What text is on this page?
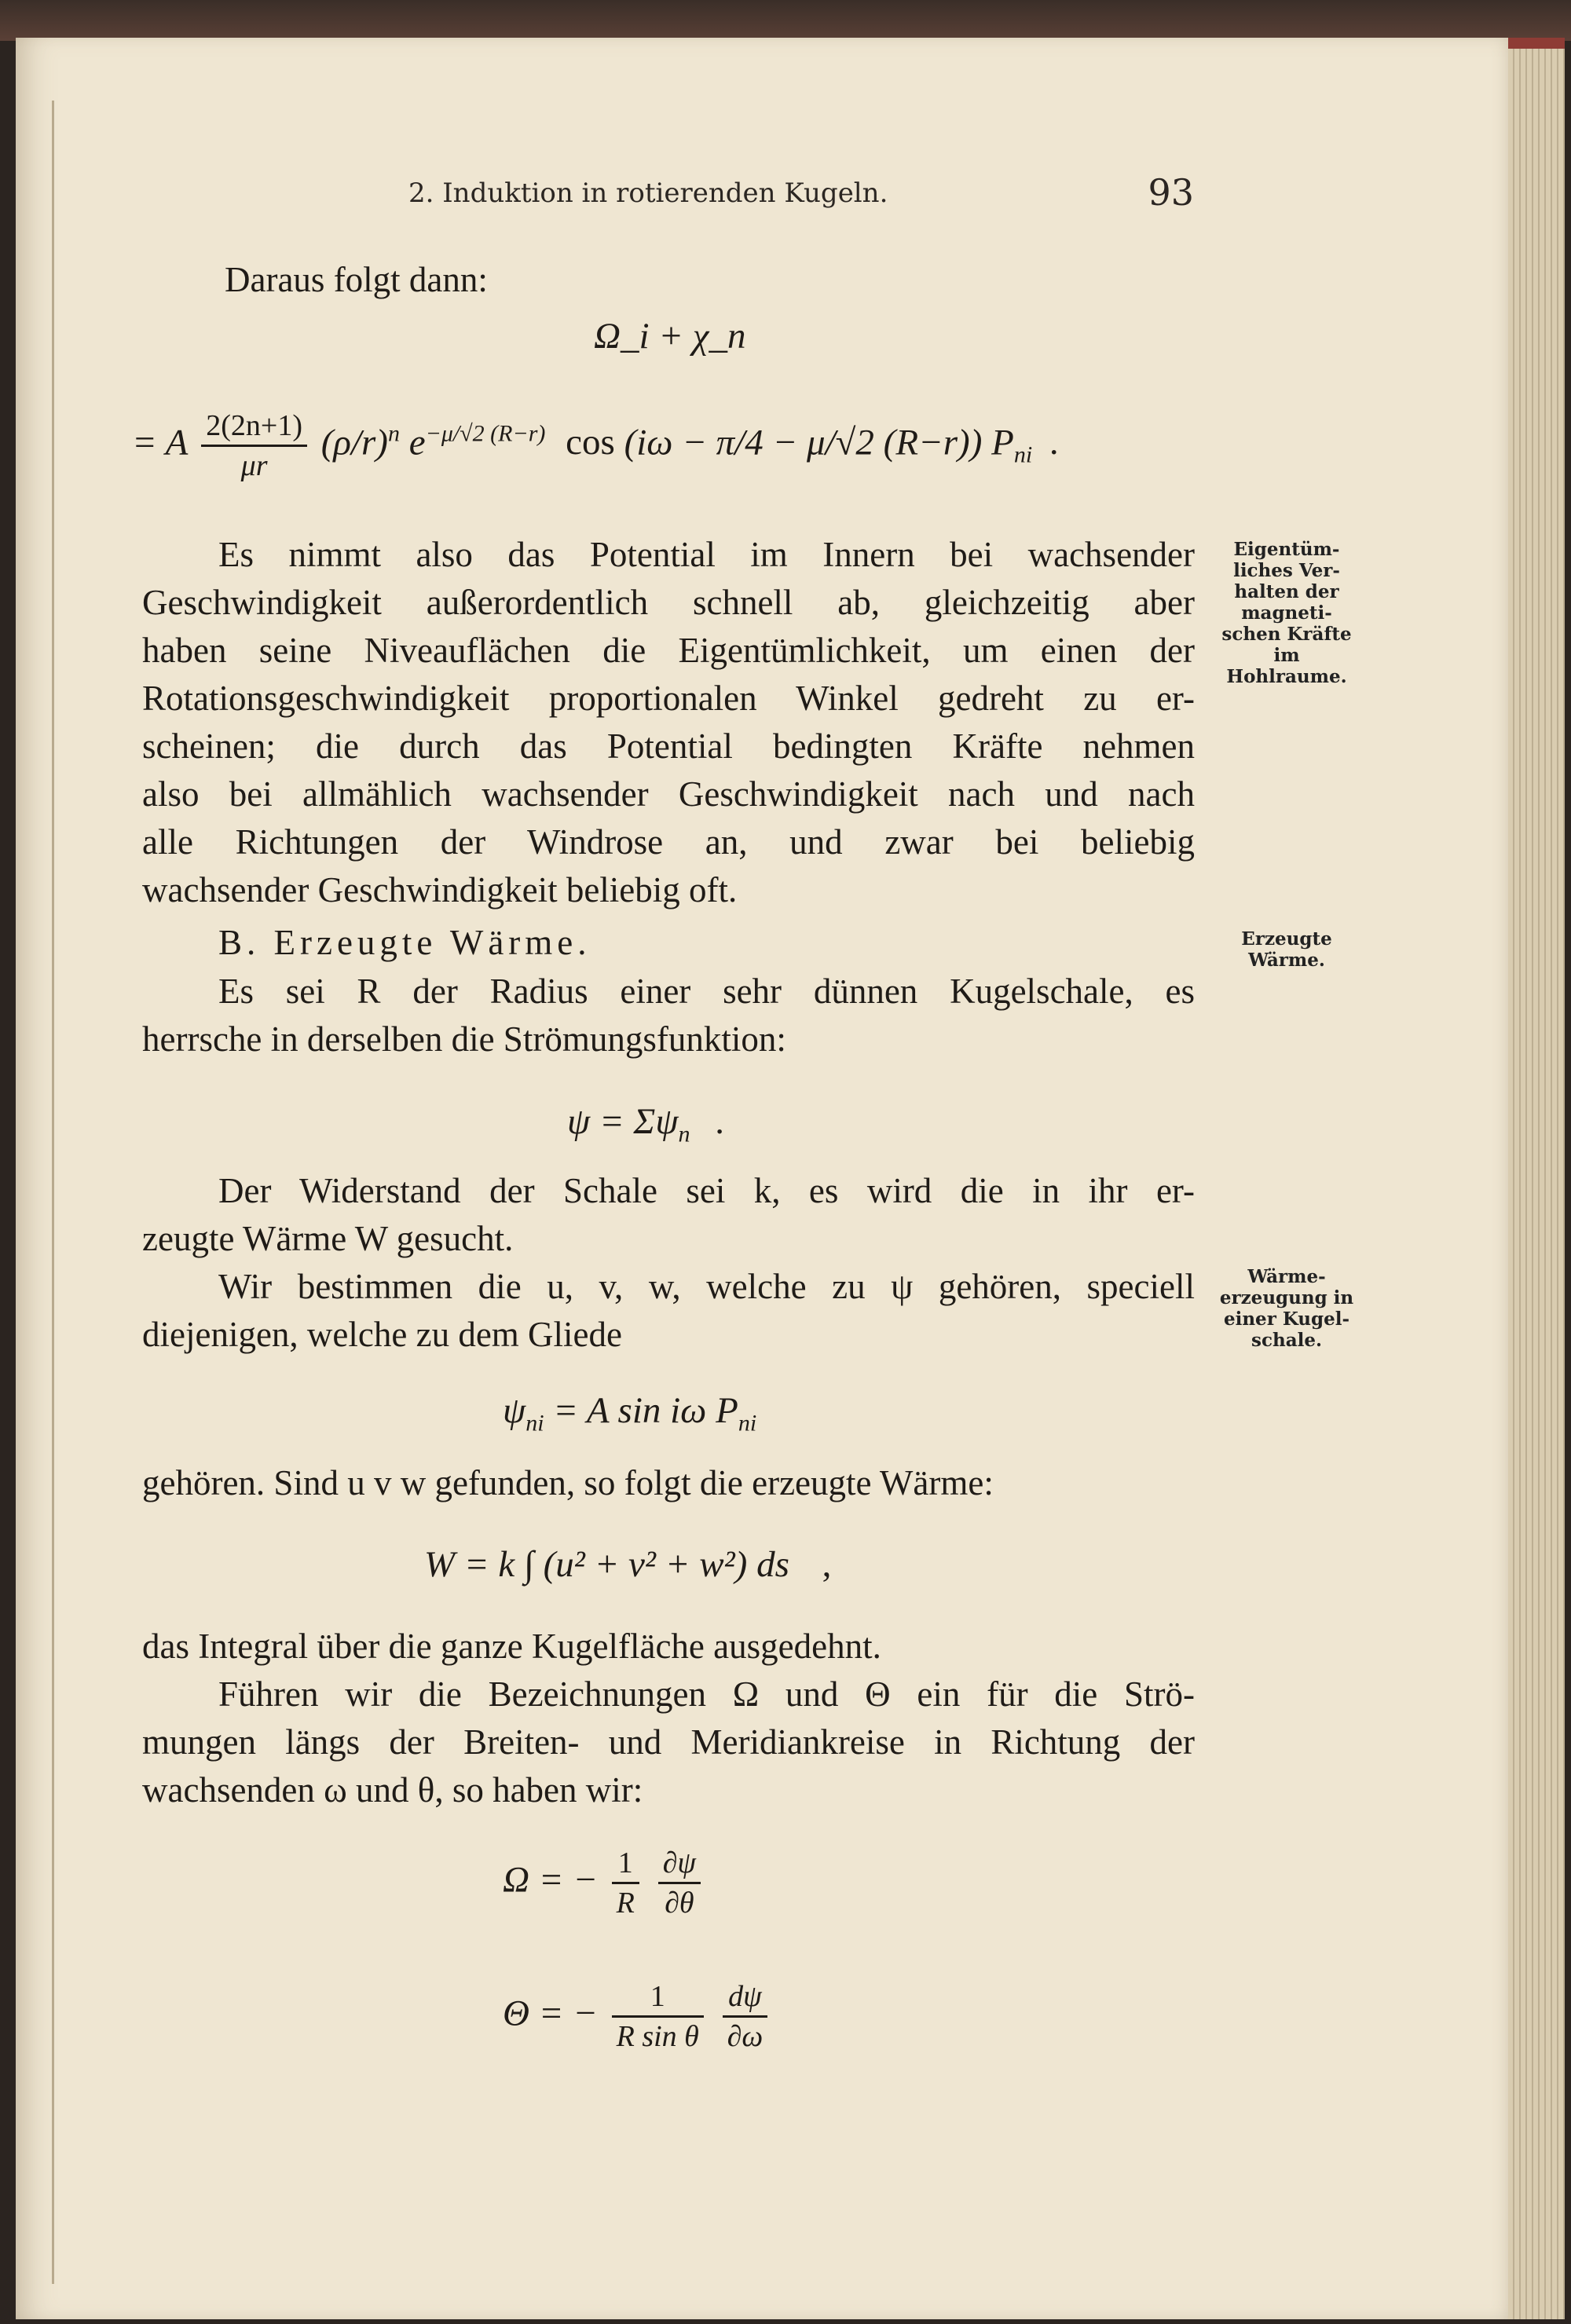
2. Induktion in rotierenden Kugeln.	93
Daraus folgt dann:
Ω_i + χ_n
= A $\frac{2(2n+1)}{\mu r} (\rho/r)^n$ $e^{-\mu/√2 (R-r)}$ cos (iω − π/4 − μ/√2 (R−r)) $P_{ni}$ .
Es nimmt also das Potential im Innern bei wachsender
Geschwindigkeit außerordentlich schnell ab, gleichzeitig aber
haben seine Niveauflächen die Eigentümlichkeit, um einen der
Rotationsgeschwindigkeit proportionalen Winkel gedreht zu er-
scheinen; die durch das Potential bedingten Kräfte nehmen
also bei allmählich wachsender Geschwindigkeit nach und nach
alle Richtungen der Windrose an, und zwar bei beliebig
wachsender Geschwindigkeit beliebig oft.
B. Erzeugte Wärme.
Es sei R der Radius einer sehr dünnen Kugelschale, es
herrsche in derselben die Strömungsfunktion:
$\psi = \Sigma\psi_n$ .
Der Widerstand der Schale sei k, es wird die in ihr er-
zeugte Wärme W gesucht.
Wir bestimmen die u, v, w, welche zu ψ gehören, speciell
diejenigen, welche zu dem Gliede
$\psi_{ni} = A$ sin iω $P_{ni}$
gehören. Sind u v w gefunden, so folgt die erzeugte Wärme:
W = k ∫ (u² + v² + w²) ds ,
das Integral über die ganze Kugelfläche ausgedehnt.
Führen wir die Bezeichnungen Ω und Θ ein für die Strö-
mungen längs der Breiten- und Meridiankreise in Richtung der
wachsenden ω und θ, so haben wir:
Ω = − $\frac{1}{R}$
$\frac{\partial\psi}{\partial\theta}$
Θ = − $\frac{1}{\text{R sin θ}}$
$\frac{d\psi}{\partial\omega}$
Eigentüm-
liches Ver-
halten der
magneti-
schen Kräfte
im
Hohlraume.
Erzeugte
Wärme.
Wärme-
erzeugung in
einer Kugel-
schale.
